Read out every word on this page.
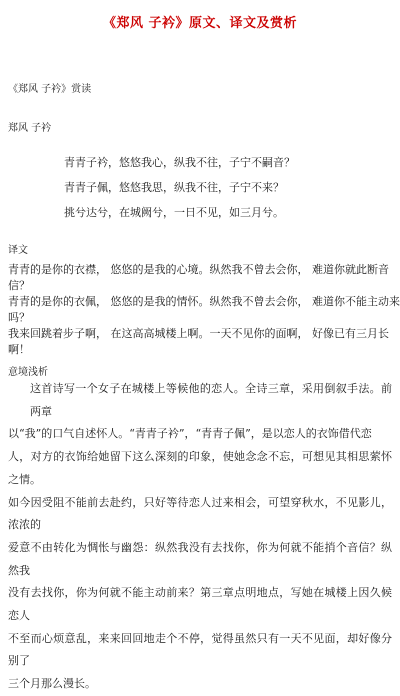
《郑风 子衿》原文、译文及赏析
《郑风 子衿》赏读
郑风 子衿
青青子衿，悠悠我心，纵我不往，子宁不嗣音？
青青子佩，悠悠我思，纵我不往，子宁不来？
挑兮达兮，在城阙兮，一日不见，如三月兮。
译文
青青的是你的衣襟， 悠悠的是我的心境。纵然我不曾去会你， 难道你就此断音
信？
青青的是你的衣佩， 悠悠的是我的情怀。纵然我不曾去会你， 难道你不能主动来
吗？
我来回跳着步子啊， 在这高高城楼上啊。一天不见你的面啊， 好像已有三月长
啊！
意境浅析

这首诗写一个女子在城楼上等候他的恋人。全诗三章，采用倒叙手法。前两章

以“我”的口气自述怀人。“青青子衿”，“青青子佩”，是以恋人的衣饰借代恋

人，对方的衣饰给她留下这么深刻的印象，使她念念不忘，可想见其相思萦怀之情。

如今因受阻不能前去赴约，只好等待恋人过来相会，可望穿秋水，不见影儿，浓浓的

爱意不由转化为惆怅与幽怨：纵然我没有去找你，你为何就不能捎个音信？纵然我

没有去找你，你为何就不能主动前来？第三章点明地点，写她在城楼上因久候恋人

不至而心烦意乱，来来回回地走个不停，觉得虽然只有一天不见面，却好像分别了

三个月那么漫长。
